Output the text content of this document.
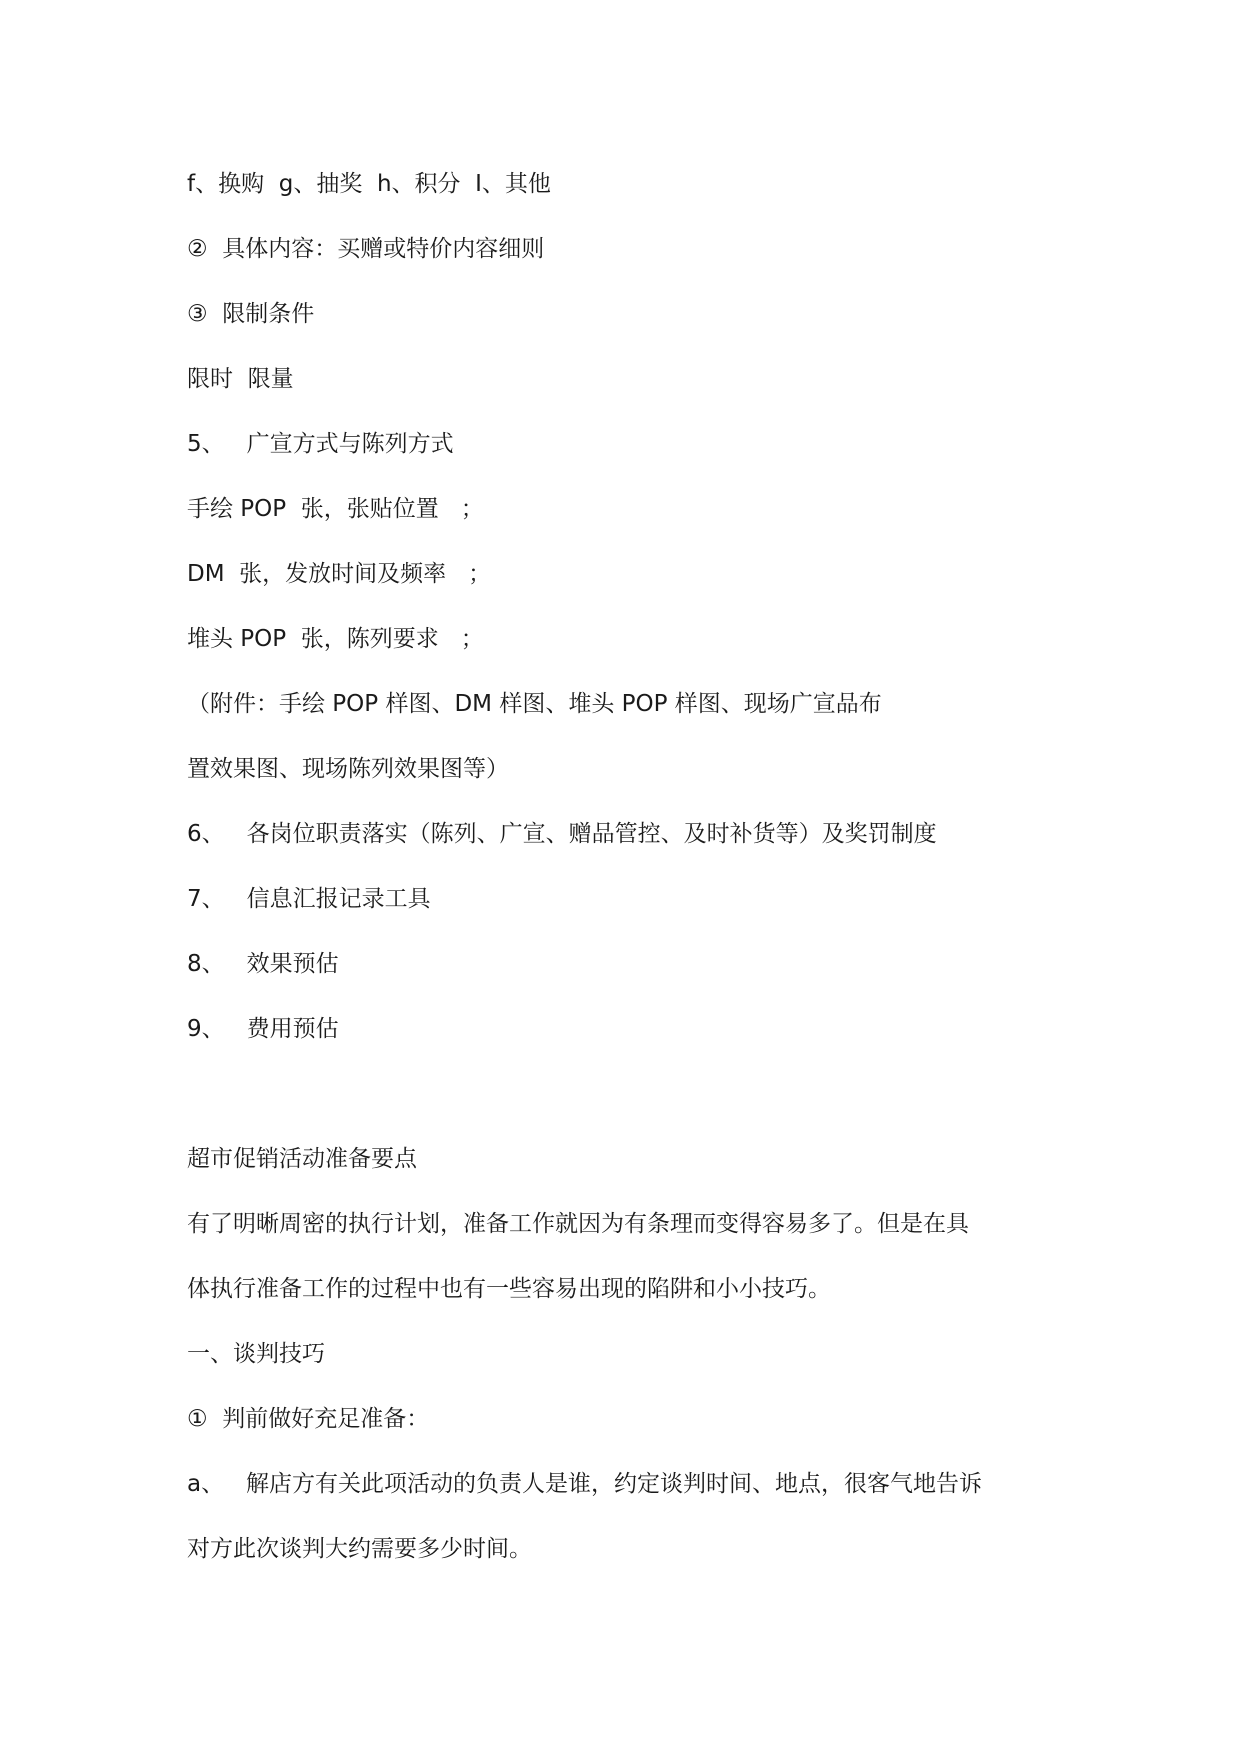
f、换购  g、抽奖  h、积分  I、其他
②  具体内容：买赠或特价内容细则
③  限制条件
限时  限量
5、   广宣方式与陈列方式
手绘 POP  张，张贴位置   ；
DM  张，发放时间及频率   ；
堆头 POP  张，陈列要求   ；
（附件：手绘 POP 样图、DM 样图、堆头 POP 样图、现场广宣品布
置效果图、现场陈列效果图等）
6、   各岗位职责落实（陈列、广宣、赠品管控、及时补货等）及奖罚制度
7、   信息汇报记录工具
8、   效果预估
9、   费用预估
超市促销活动准备要点
有了明晰周密的执行计划，准备工作就因为有条理而变得容易多了。但是在具
体执行准备工作的过程中也有一些容易出现的陷阱和小小技巧。
一、谈判技巧
①  判前做好充足准备：
a、   解店方有关此项活动的负责人是谁，约定谈判时间、地点，很客气地告诉
对方此次谈判大约需要多少时间。
